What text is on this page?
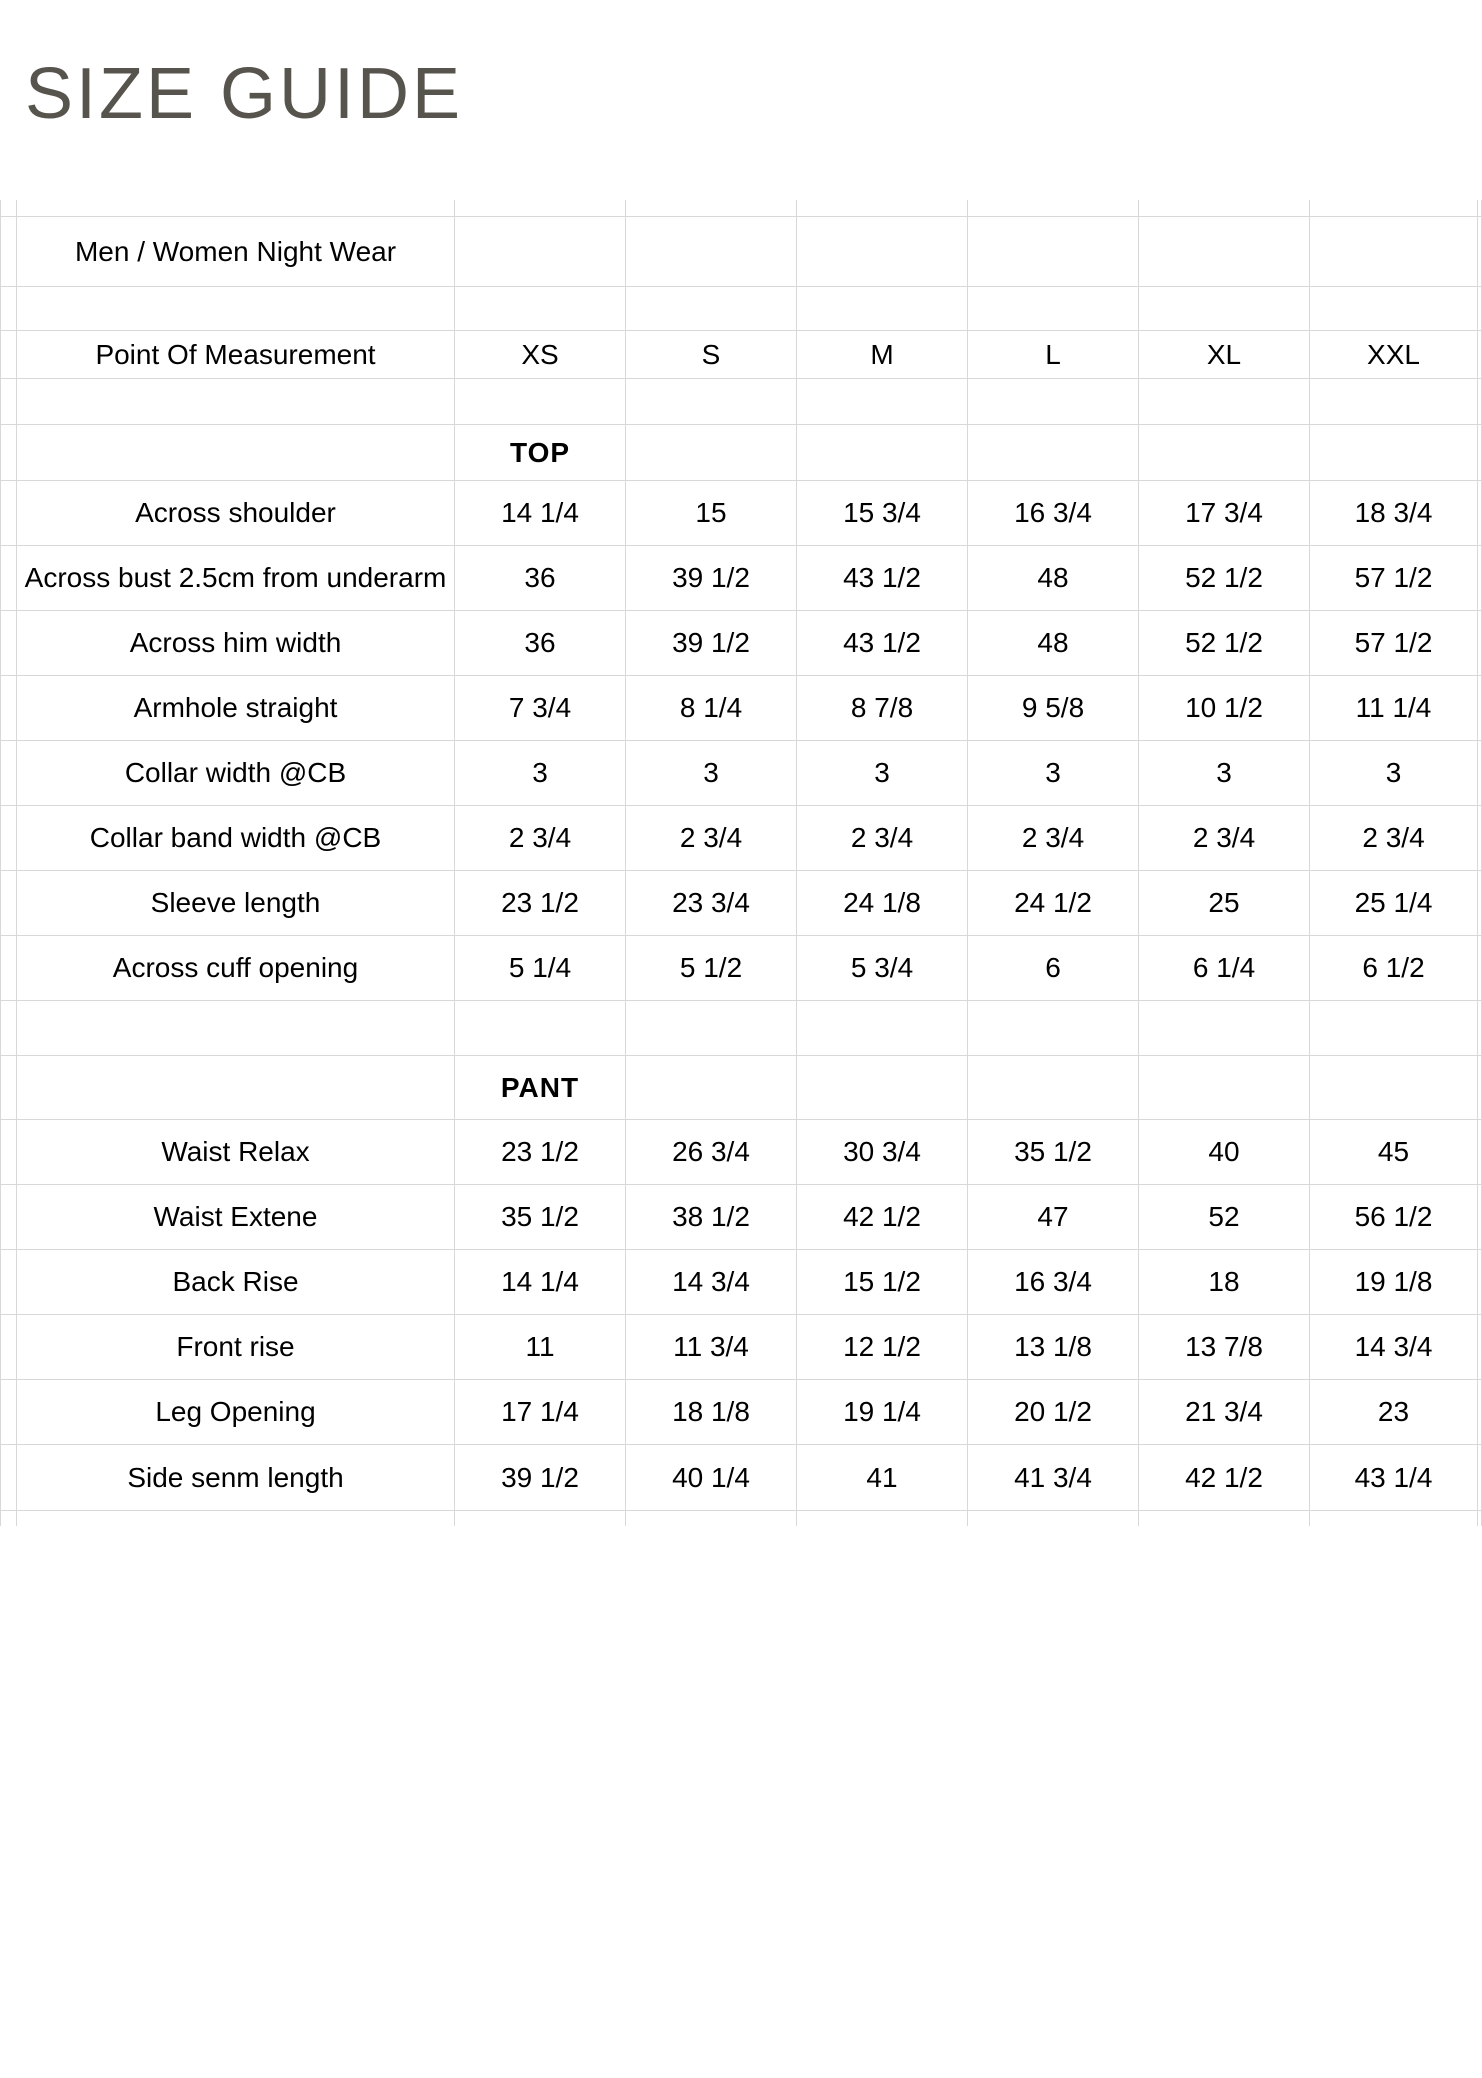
SIZE GUIDE

	Men / Women Night Wear							

	Point Of Measurement	XS	S	M	L	XL	XXL	

		TOP						
	Across shoulder	14 1/4	15	15 3/4	16 3/4	17 3/4	18 3/4	
	Across bust 2.5cm from underarm	36	39 1/2	43 1/2	48	52 1/2	57 1/2	
	Across him width	36	39 1/2	43 1/2	48	52 1/2	57 1/2	
	Armhole straight	7 3/4	8 1/4	8 7/8	9 5/8	10 1/2	11 1/4	
	Collar width @CB	3	3	3	3	3	3	
	Collar band width @CB	2 3/4	2 3/4	2 3/4	2 3/4	2 3/4	2 3/4	
	Sleeve length	23 1/2	23 3/4	24 1/8	24 1/2	25	25 1/4	
	Across cuff opening	5 1/4	5 1/2	5 3/4	6	6 1/4	6 1/2	

		PANT						
	Waist Relax	23 1/2	26 3/4	30 3/4	35 1/2	40	45	
	Waist Extene	35 1/2	38 1/2	42 1/2	47	52	56 1/2	
	Back Rise	14 1/4	14 3/4	15 1/2	16 3/4	18	19 1/8	
	Front rise	11	11 3/4	12 1/2	13 1/8	13 7/8	14 3/4	
	Leg Opening	17 1/4	18 1/8	19 1/4	20 1/2	21 3/4	23	
	Side senm length	39 1/2	40 1/4	41	41 3/4	42 1/2	43 1/4	
